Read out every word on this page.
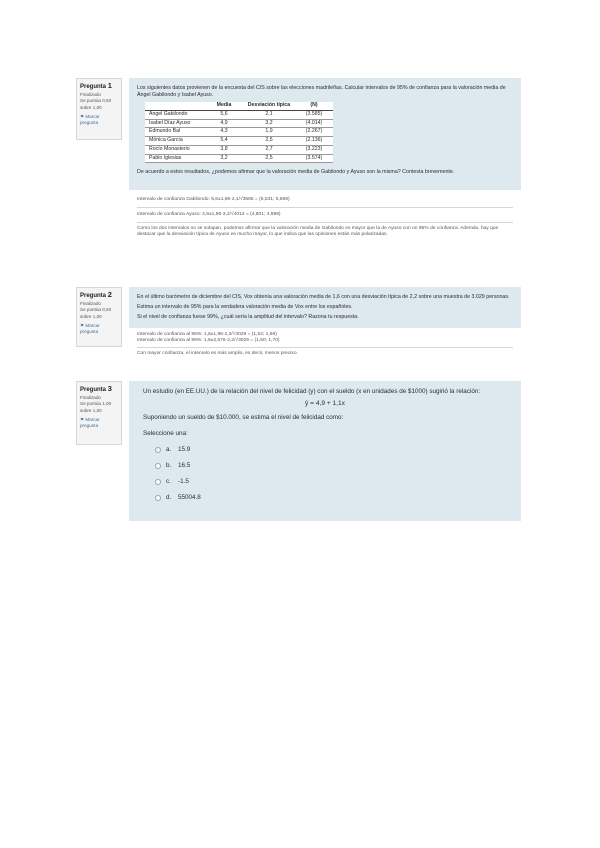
Pregunta 1
Finalizado
Se puntúa 0,50 sobre 1,00
⚑ Marcar pregunta

Los siguientes datos provienen de la encuesta del CIS sobre las elecciones madrileñas. Calcular intervalos de 95% de confianza para la valoración media de Ángel Gabilondo y Isabel Ayuso.

	Media	Desviación típica	(N)
Ángel Gabilondo	5,6	2,1	(3.585)
Isabel Díaz Ayuso	4,9	3,2	(4.014)
Edmundo Bal	4,3	1,9	(2.267)
Mónica García	5,4	2,5	(2.136)
Rocío Monasterio	3,8	2,7	(3.223)
Pablo Iglesias	3,2	2,5	(3.574)

De acuerdo a estos resultados, ¿podemos afirmar que la valoración media de Gabilondo y Ayuso son la misma? Contesta brevemente.

Intervalo de confianza Gabilondo: 5,6±1,96·2,1/√3585 = (5,531; 5,669)
Intervalo de confianza Ayuso: 4,9±1,96·3,2/√4014 = (4,801; 4,999)
Como los dos intervalos no se solapan, podemos afirmar que la valoración media de Gabilondo es mayor que la de Ayuso con un 95% de confianza. Además, hay que destacar que la desviación típica de Ayuso es mucho mayor, lo que indica que las opiniones están más polarizadas.
Pregunta 2
Finalizado
Se puntúa 0,50 sobre 1,00
⚑ Marcar pregunta

En el último barómetro de diciembre del CIS, Vox obtenía una valoración media de 1,6 con una desviación típica de 2,2 sobre una muestra de 3.029 personas.

Estima un intervalo de 95% para la verdadera valoración media de Vox entre los españoles.

Si el nivel de confianza fuese 99%, ¿cuál sería la amplitud del intervalo? Razona tu respuesta.

Intervalo de confianza al 95%: 1,6±1,96·2,2/√3029 = (1,52; 1,68)
Intervalo de confianza al 99%: 1,6±2,576·2,2/√3029 = (1,50; 1,70)
Con mayor confianza, el intervalo es más amplio, es decir, menos preciso.
Pregunta 3
Finalizado
Se puntúa 1,00 sobre 1,00
⚑ Marcar pregunta

Un estudio (en EE.UU.) de la relación del nivel de felicidad (y) con el sueldo (x en unidades de $1000) sugirió la relación:

ŷ = 4,9 + 1,1x

Suponiendo un sueldo de $10.000, se estima el nivel de felicidad como:

Seleccione una:

a.	15.9
b.	16.5
c.	-1.5
d.	55004.8
